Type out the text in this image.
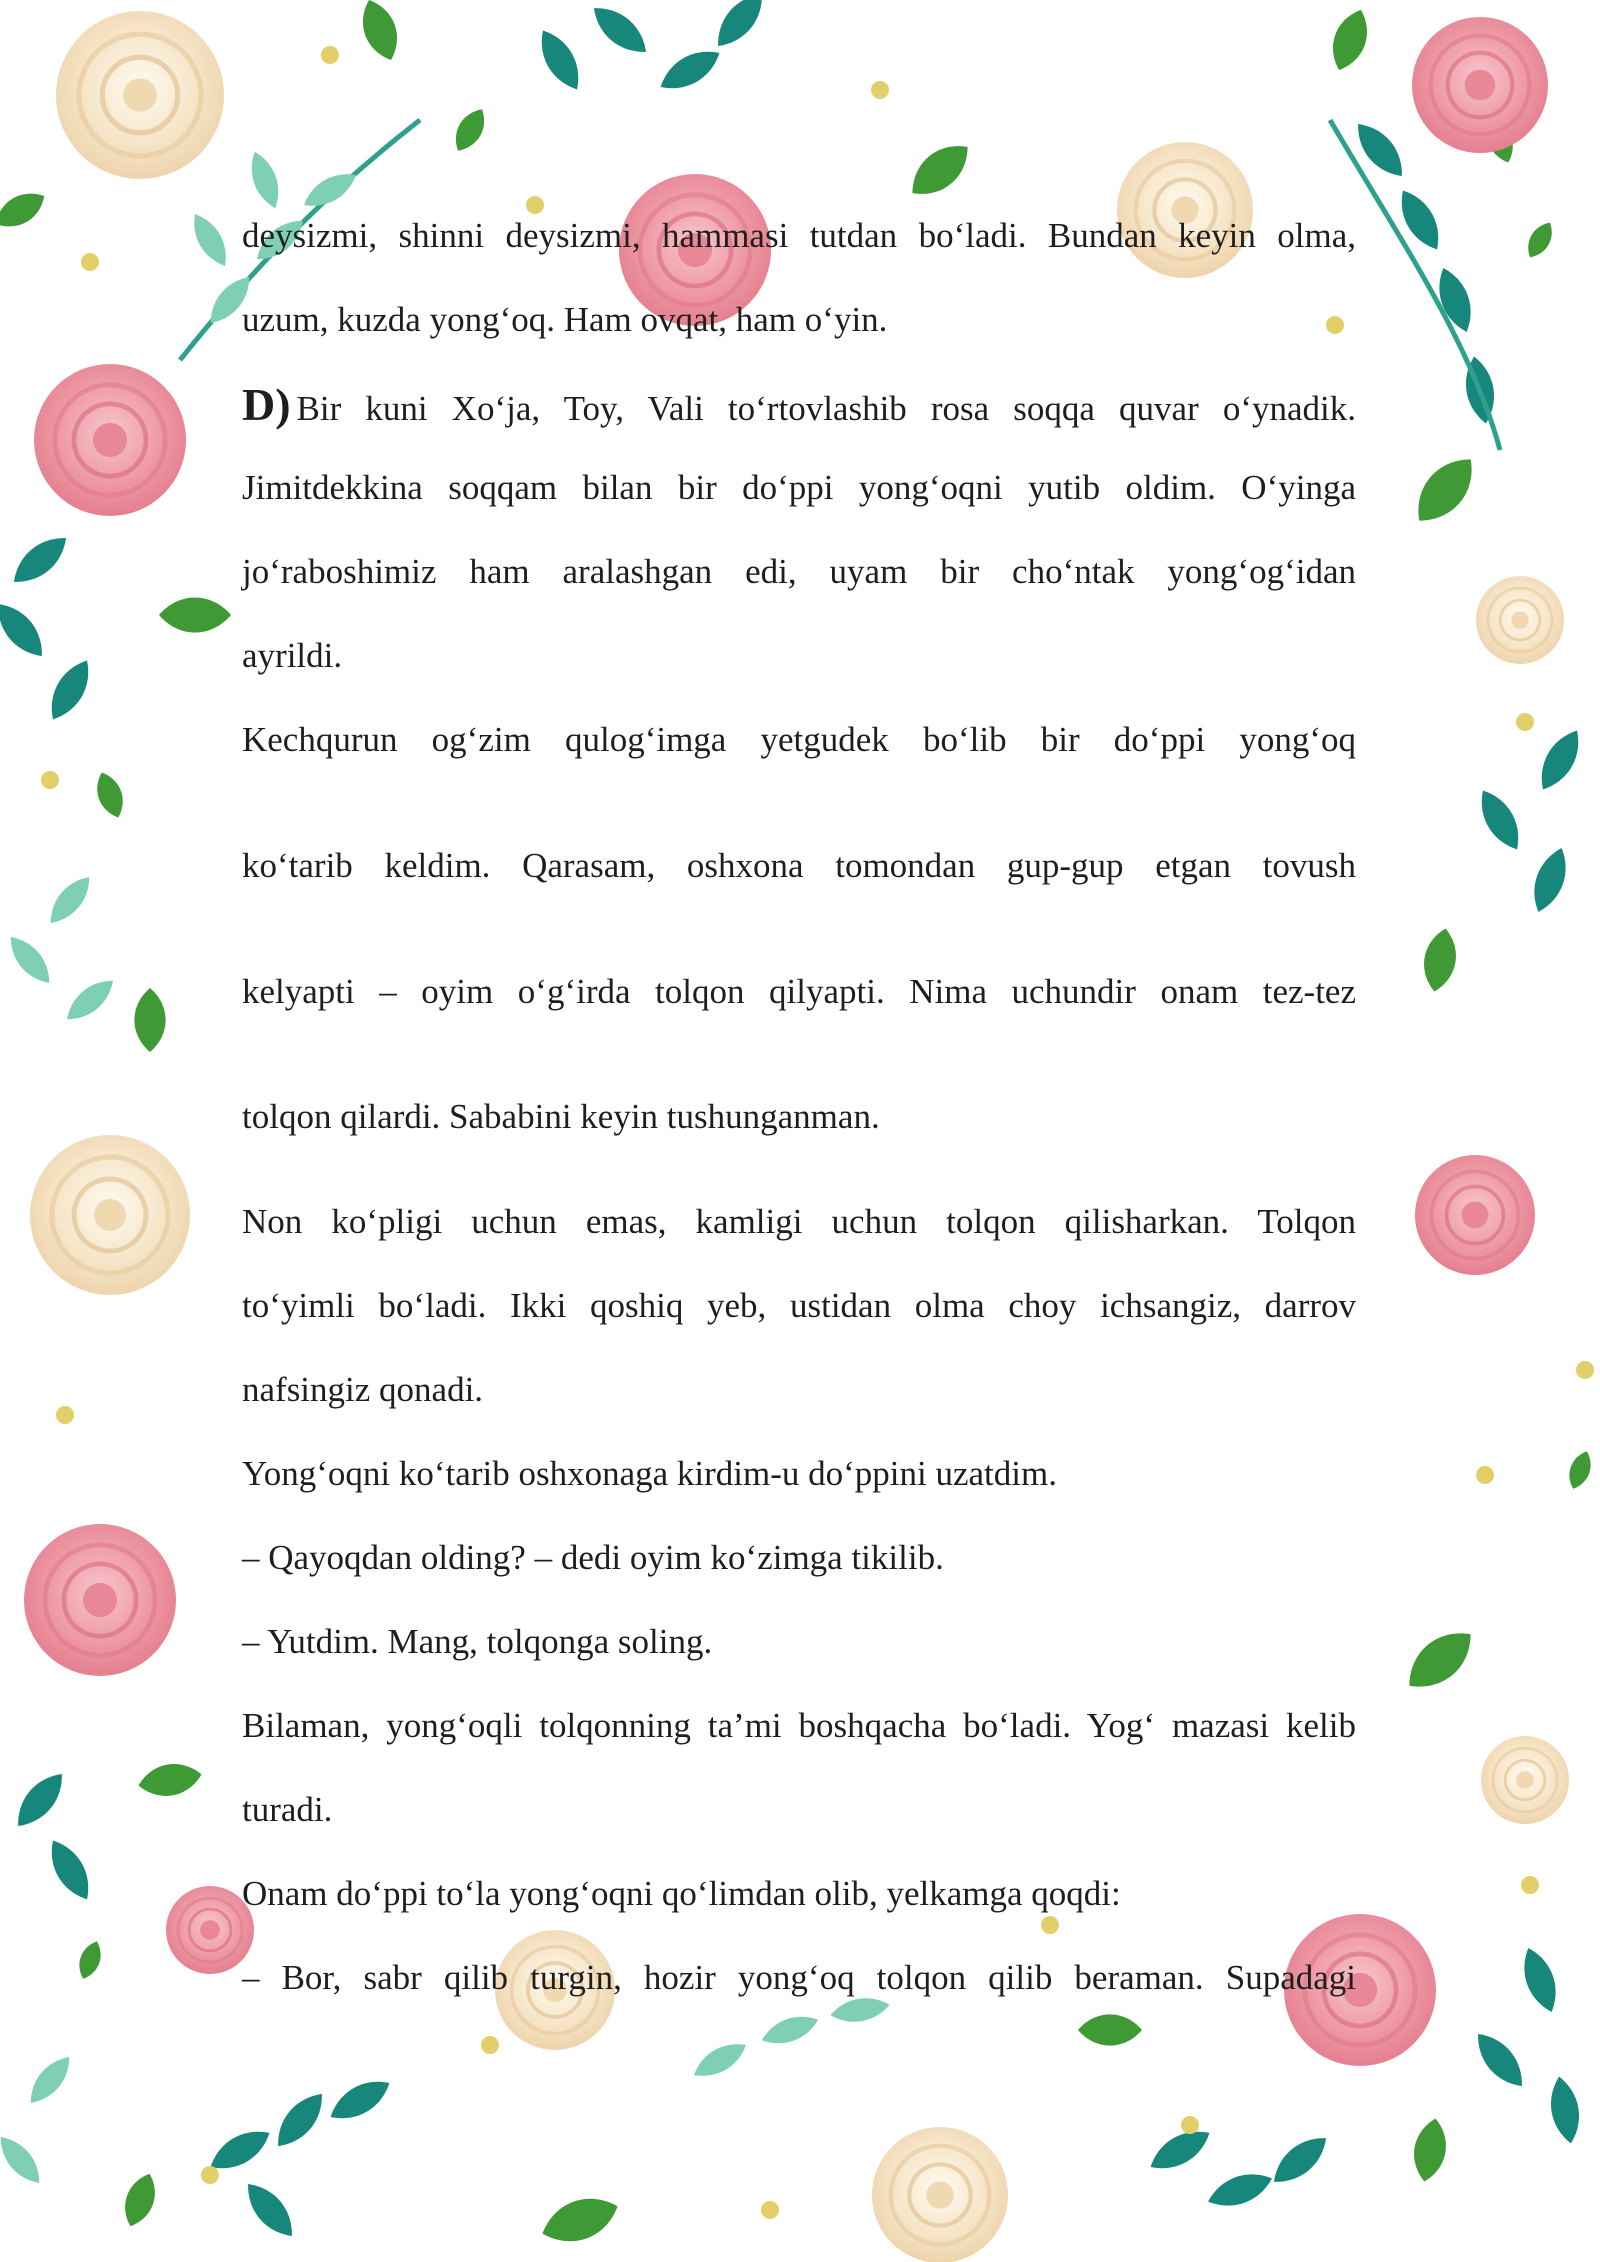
deysizmi, shinni deysizmi, hammasi tutdan bo‘ladi. Bundan keyin olma,
uzum, kuzda yong‘oq. Ham ovqat, ham o‘yin.
D) Bir kuni Xo‘ja, Toy, Vali to‘rtovlashib rosa soqqa quvar o‘ynadik.
Jimitdekkina soqqam bilan bir do‘ppi yong‘oqni yutib oldim. O‘yinga
jo‘raboshimiz ham aralashgan edi, uyam bir cho‘ntak yong‘og‘idan
ayrildi.
Kechqurun og‘zim qulog‘imga yetgudek bo‘lib bir do‘ppi yong‘oq
ko‘tarib keldim. Qarasam, oshxona tomondan gup-gup etgan tovush
kelyapti – oyim o‘g‘irda tolqon qilyapti. Nima uchundir onam tez-tez
tolqon qilardi. Sababini keyin tushunganman.
Non ko‘pligi uchun emas, kamligi uchun tolqon qilisharkan. Tolqon
to‘yimli bo‘ladi. Ikki qoshiq yeb, ustidan olma choy ichsangiz, darrov
nafsingiz qonadi.
Yong‘oqni ko‘tarib oshxonaga kirdim-u do‘ppini uzatdim.
– Qayoqdan olding? – dedi oyim ko‘zimga tikilib.
– Yutdim. Mang, tolqonga soling.
Bilaman, yong‘oqli tolqonning ta’mi boshqacha bo‘ladi. Yog‘ mazasi kelib
turadi.
Onam do‘ppi to‘la yong‘oqni qo‘limdan olib, yelkamga qoqdi:
– Bor, sabr qilib turgin, hozir yong‘oq tolqon qilib beraman. Supadagi
